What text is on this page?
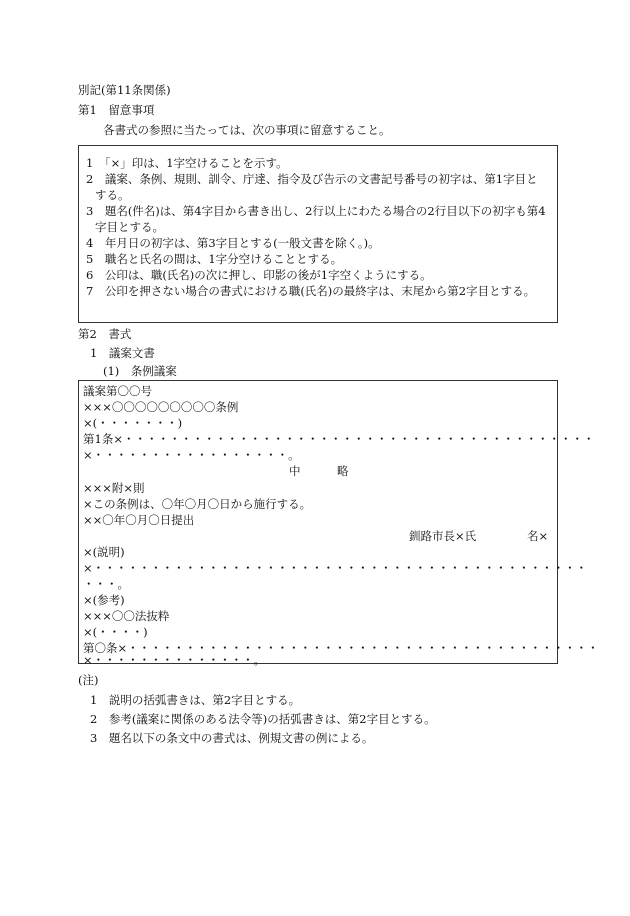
別記(第11条関係)
第1　留意事項
各書式の参照に当たっては、次の事項に留意すること。
1　「×」印は、1字空けることを示す。
2　議案、条例、規則、訓令、庁達、指令及び告示の文書記号番号の初字は、第1字目と
する。
3　題名(件名)は、第4字目から書き出し、2行以上にわたる場合の2行目以下の初字も第4
字目とする。
4　年月日の初字は、第3字目とする(一般文書を除く。)。
5　職名と氏名の間は、1字分空けることとする。
6　公印は、職(氏名)の次に押し、印影の後が1字空くようにする。
7　公印を押さない場合の書式における職(氏名)の最終字は、末尾から第2字目とする。
第2　書式
1　議案文書
(1)　条例議案
議案第〇〇号
×××〇〇〇〇〇〇〇〇〇条例
×(・・・・・・・)
第1条×・・・・・・・・・・・・・・・・・・・・・・・・・・・・・・・・・・・・・・・・・
×・・・・・・・・・・・・・・・・・。
中	略
×××附×則
×この条例は、〇年〇月〇日から施行する。
××〇年〇月〇日提出
釧路市長×氏	名×
×(説明)
×・・・・・・・・・・・・・・・・・・・・・・・・・・・・・・・・・・・・・・・・・・・
・・・。
×(参考)
×××〇〇法抜粋
×(・・・・)
第〇条×・・・・・・・・・・・・・・・・・・・・・・・・・・・・・・・・・・・・・・・・・
×・・・・・・・・・・・・・・。
(注)
1　説明の括弧書きは、第2字目とする。
2　参考(議案に関係のある法令等)の括弧書きは、第2字目とする。
3　題名以下の条文中の書式は、例規文書の例による。
